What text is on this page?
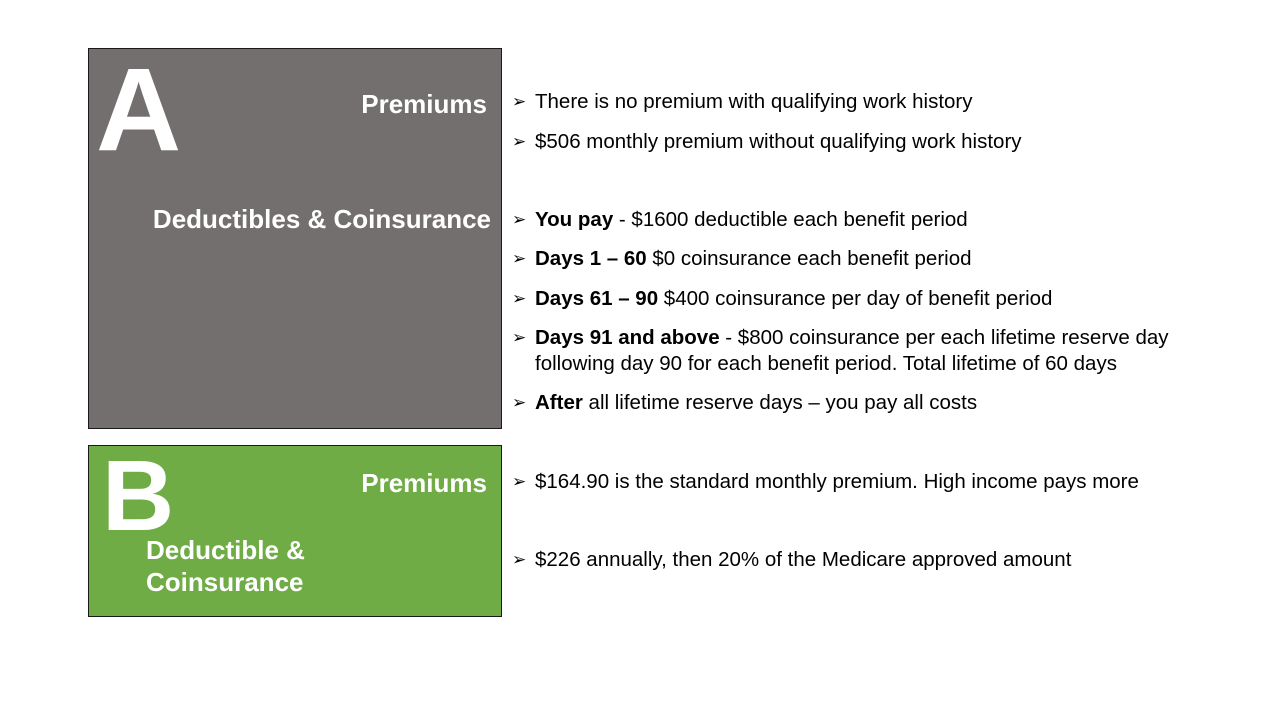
A	Premiums
Deductibles & Coinsurance
B	Premiums
Deductible &
Coinsurance
➢ There is no premium with qualifying work history
➢ $506 monthly premium without qualifying work history
➢ You pay - $1600 deductible each benefit period
➢ Days 1 – 60 $0 coinsurance each benefit period
➢ Days 61 – 90 $400 coinsurance per day of benefit period
➢ Days 91 and above - $800 coinsurance per each lifetime reserve day
following day 90 for each benefit period. Total lifetime of 60 days
➢ After all lifetime reserve days – you pay all costs
➢ $164.90 is the standard monthly premium. High income pays more
➢ $226 annually, then 20% of the Medicare approved amount
